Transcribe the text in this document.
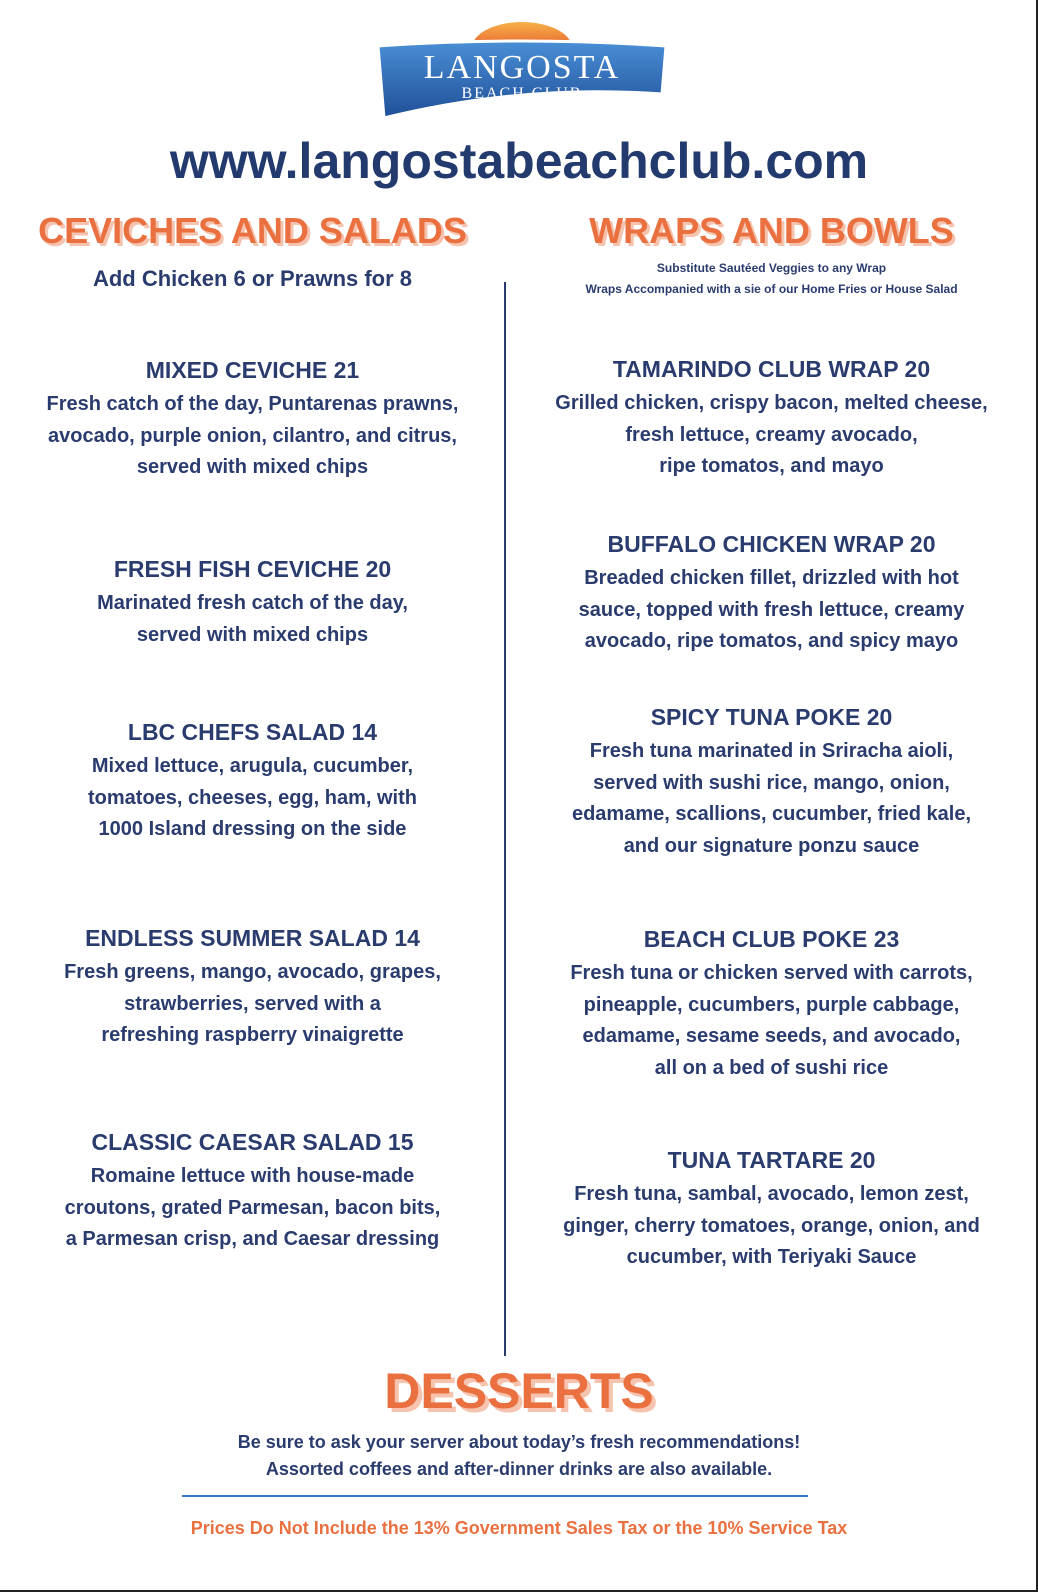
LANGOSTA
BEACH CLUB
www.langostabeachclub.com
CEVICHES AND SALADS
Add Chicken 6 or Prawns for 8
WRAPS AND BOWLS
Substitute Sautéed Veggies to any Wrap
Wraps Accompanied with a sie of our Home Fries or House Salad
MIXED CEVICHE 21
Fresh catch of the day, Puntarenas prawns,
avocado, purple onion, cilantro, and citrus,
served with mixed chips
FRESH FISH CEVICHE 20
Marinated fresh catch of the day,
served with mixed chips
LBC CHEFS SALAD 14
Mixed lettuce, arugula, cucumber,
tomatoes, cheeses, egg, ham, with
1000 Island dressing on the side
ENDLESS SUMMER SALAD 14
Fresh greens, mango, avocado, grapes,
strawberries, served with a
refreshing raspberry vinaigrette
CLASSIC CAESAR SALAD 15
Romaine lettuce with house-made
croutons, grated Parmesan, bacon bits,
a Parmesan crisp, and Caesar dressing
TAMARINDO CLUB WRAP 20
Grilled chicken, crispy bacon, melted cheese,
fresh lettuce, creamy avocado,
ripe tomatos, and mayo
BUFFALO CHICKEN WRAP 20
Breaded chicken fillet, drizzled with hot
sauce, topped with fresh lettuce, creamy
avocado, ripe tomatos, and spicy mayo
SPICY TUNA POKE 20
Fresh tuna marinated in Sriracha aioli,
served with sushi rice, mango, onion,
edamame, scallions, cucumber, fried kale,
and our signature ponzu sauce
BEACH CLUB POKE 23
Fresh tuna or chicken served with carrots,
pineapple, cucumbers, purple cabbage,
edamame, sesame seeds, and avocado,
all on a bed of sushi rice
TUNA TARTARE 20
Fresh tuna, sambal, avocado, lemon zest,
ginger, cherry tomatoes, orange, onion, and
cucumber, with Teriyaki Sauce
DESSERTS
Be sure to ask your server about today’s fresh recommendations!
Assorted coffees and after-dinner drinks are also available.
Prices Do Not Include the 13% Government Sales Tax or the 10% Service Tax
